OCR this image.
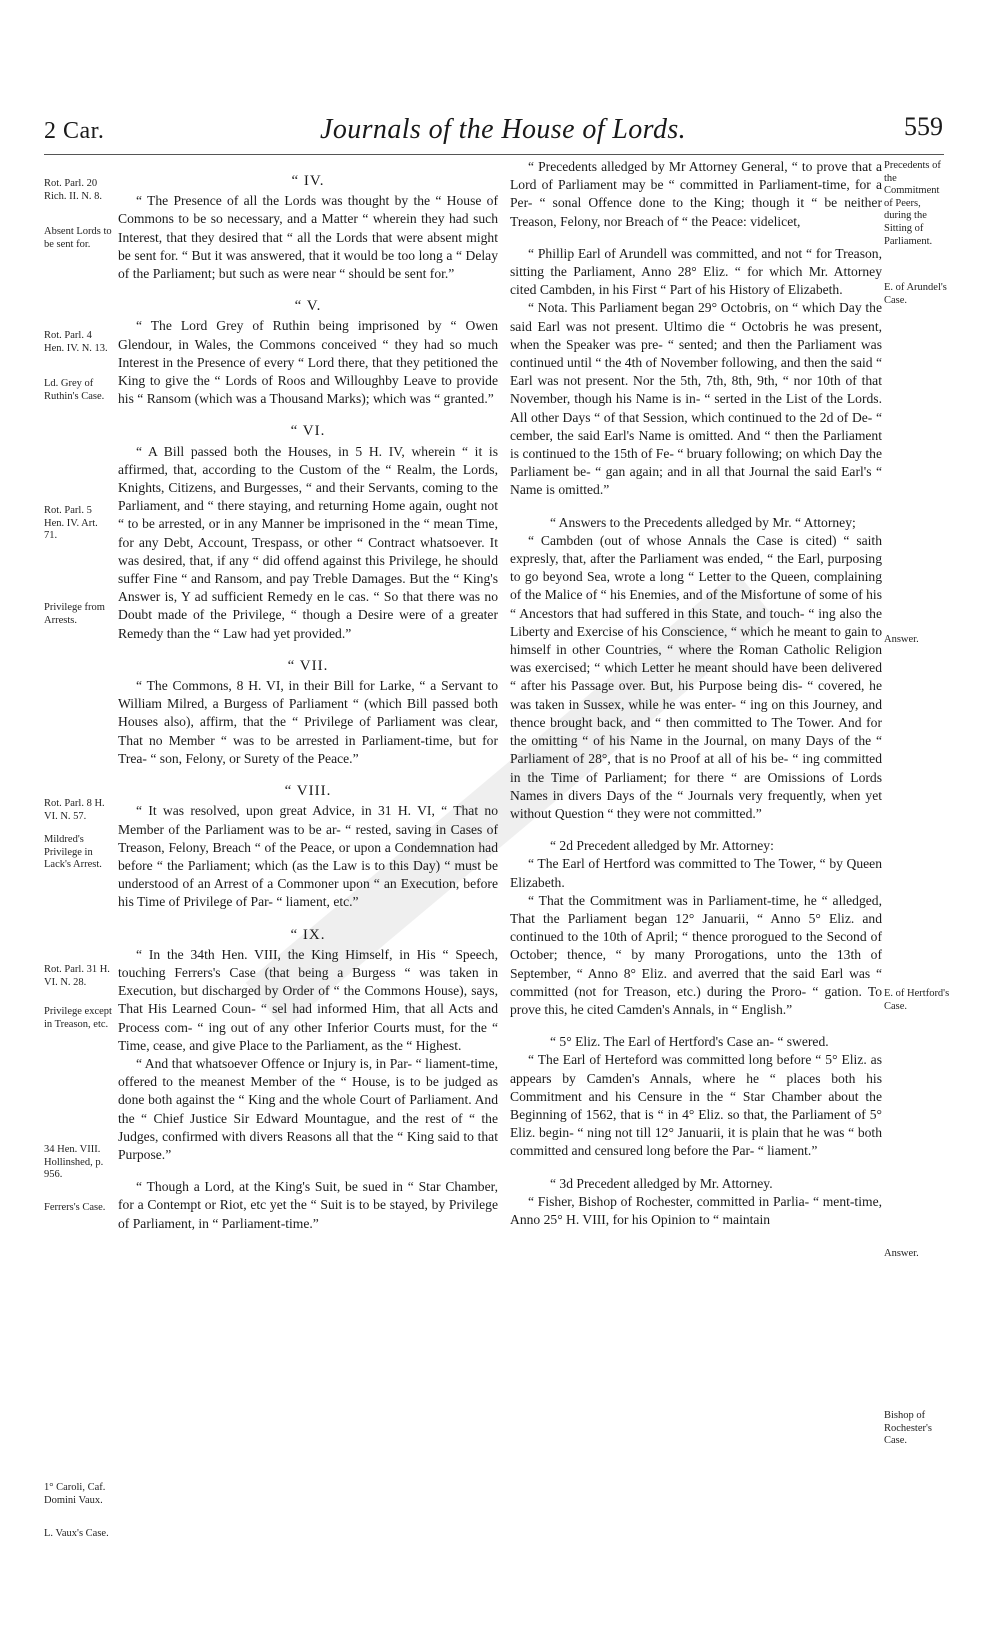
2 Car.	Journals of the House of Lords.	559
Rot. Parl. 20 Rich. II. N. 8.
Absent Lords to be sent for.
Rot. Parl. 4 Hen. IV. N. 13.
Ld. Grey of Ruthin's Case.
Rot. Parl. 5 Hen. IV. Art. 71.
Privilege from Arrests.
Rot. Parl. 8 H. VI. N. 57.
Mildred's Privilege in Lack's Arrest.
Rot. Parl. 31 H. VI. N. 28.
Privilege except in Treason, etc.
34 Hen. VIII. Hollinshed, p. 956.
Ferrers's Case.
1° Caroli, Caf. Domini Vaux.
L. Vaux's Case.
Precedents of the Commitment of Peers, during the Sitting of Parliament.
E. of Arundel's Case.
Answer.
E. of Hertford's Case.
Answer.
Bishop of Rochester's Case.

“ IV.

“ The Presence of all the Lords was thought by the “ House of Commons to be so necessary, and a Matter “ wherein they had such Interest, that they desired that “ all the Lords that were absent might be sent for. “ But it was answered, that it would be too long a “ Delay of the Parliament; but such as were near “ should be sent for.”

“ V.

“ The Lord Grey of Ruthin being imprisoned by “ Owen Glendour, in Wales, the Commons conceived “ they had so much Interest in the Presence of every “ Lord there, that they petitioned the King to give the “ Lords of Roos and Willoughby Leave to provide his “ Ransom (which was a Thousand Marks); which was “ granted.”

“ VI.

“ A Bill passed both the Houses, in 5 H. IV, wherein “ it is affirmed, that, according to the Custom of the “ Realm, the Lords, Knights, Citizens, and Burgesses, “ and their Servants, coming to the Parliament, and “ there staying, and returning Home again, ought not “ to be arrested, or in any Manner be imprisoned in the “ mean Time, for any Debt, Account, Trespass, or other “ Contract whatsoever. It was desired, that, if any “ did offend against this Privilege, he should suffer Fine “ and Ransom, and pay Treble Damages. But the “ King's Answer is, Y ad sufficient Remedy en le cas. “ So that there was no Doubt made of the Privilege, “ though a Desire were of a greater Remedy than the “ Law had yet provided.”

“ VII.

“ The Commons, 8 H. VI, in their Bill for Larke, “ a Servant to William Milred, a Burgess of Parliament “ (which Bill passed both Houses also), affirm, that the “ Privilege of Parliament was clear, That no Member “ was to be arrested in Parliament-time, but for Trea- “ son, Felony, or Surety of the Peace.”

“ VIII.

“ It was resolved, upon great Advice, in 31 H. VI, “ That no Member of the Parliament was to be ar- “ rested, saving in Cases of Treason, Felony, Breach “ of the Peace, or upon a Condemnation had before “ the Parliament; which (as the Law is to this Day) “ must be understood of an Arrest of a Commoner upon “ an Execution, before his Time of Privilege of Par- “ liament, etc.”

“ IX.

“ In the 34th Hen. VIII, the King Himself, in His “ Speech, touching Ferrers's Case (that being a Burgess “ was taken in Execution, but discharged by Order of “ the Commons House), says, That His Learned Coun- “ sel had informed Him, that all Acts and Process com- “ ing out of any other Inferior Courts must, for the “ Time, cease, and give Place to the Parliament, as the “ Highest.

“ And that whatsoever Offence or Injury is, in Par- “ liament-time, offered to the meanest Member of the “ House, is to be judged as done both against the “ King and the whole Court of Parliament. And the “ Chief Justice Sir Edward Mountague, and the rest of “ the Judges, confirmed with divers Reasons all that the “ King said to that Purpose.”

“ Though a Lord, at the King's Suit, be sued in “ Star Chamber, for a Contempt or Riot, etc yet the “ Suit is to be stayed, by Privilege of Parliament, in “ Parliament-time.”

“ Precedents alledged by Mr Attorney General, “ to prove that a Lord of Parliament may be “ committed in Parliament-time, for a Per- “ sonal Offence done to the King; though it “ be neither Treason, Felony, nor Breach of “ the Peace: videlicet,

“ Phillip Earl of Arundell was committed, and not “ for Treason, sitting the Parliament, Anno 28° Eliz. “ for which Mr. Attorney cited Cambden, in his First “ Part of his History of Elizabeth.

“ Nota. This Parliament began 29° Octobris, on “ which Day the said Earl was not present. Ultimo die “ Octobris he was present, when the Speaker was pre- “ sented; and then the Parliament was continued until “ the 4th of November following, and then the said “ Earl was not present. Nor the 5th, 7th, 8th, 9th, “ nor 10th of that November, though his Name is in- “ serted in the List of the Lords. All other Days “ of that Session, which continued to the 2d of De- “ cember, the said Earl's Name is omitted. And “ then the Parliament is continued to the 15th of Fe- “ bruary following; on which Day the Parliament be- “ gan again; and in all that Journal the said Earl's “ Name is omitted.”

“ Answers to the Precedents alledged by Mr. “ Attorney;

“ Cambden (out of whose Annals the Case is cited) “ saith expresly, that, after the Parliament was ended, “ the Earl, purposing to go beyond Sea, wrote a long “ Letter to the Queen, complaining of the Malice of “ his Enemies, and of the Misfortune of some of his “ Ancestors that had suffered in this State, and touch- “ ing also the Liberty and Exercise of his Conscience, “ which he meant to gain to himself in other Countries, “ where the Roman Catholic Religion was exercised; “ which Letter he meant should have been delivered “ after his Passage over. But, his Purpose being dis- “ covered, he was taken in Sussex, while he was enter- “ ing on this Journey, and thence brought back, and “ then committed to The Tower. And for the omitting “ of his Name in the Journal, on many Days of the “ Parliament of 28°, that is no Proof at all of his be- “ ing committed in the Time of Parliament; for there “ are Omissions of Lords Names in divers Days of the “ Journals very frequently, when yet without Question “ they were not committed.”

“ 2d Precedent alledged by Mr. Attorney:

“ The Earl of Hertford was committed to The Tower, “ by Queen Elizabeth.

“ That the Commitment was in Parliament-time, he “ alledged, That the Parliament began 12° Januarii, “ Anno 5° Eliz. and continued to the 10th of April; “ thence prorogued to the Second of October; thence, “ by many Prorogations, unto the 13th of September, “ Anno 8° Eliz. and averred that the said Earl was “ committed (not for Treason, etc.) during the Proro- “ gation. To prove this, he cited Camden's Annals, in “ English.”

“ 5° Eliz. The Earl of Hertford's Case an- “ swered.

“ The Earl of Herteford was committed long before “ 5° Eliz. as appears by Camden's Annals, where he “ places both his Commitment and his Censure in the “ Star Chamber about the Beginning of 1562, that is “ in 4° Eliz. so that, the Parliament of 5° Eliz. begin- “ ning not till 12° Januarii, it is plain that he was “ both committed and censured long before the Par- “ liament.”

“ 3d Precedent alledged by Mr. Attorney.

“ Fisher, Bishop of Rochester, committed in Parlia- “ ment-time, Anno 25° H. VIII, for his Opinion to “ maintain
